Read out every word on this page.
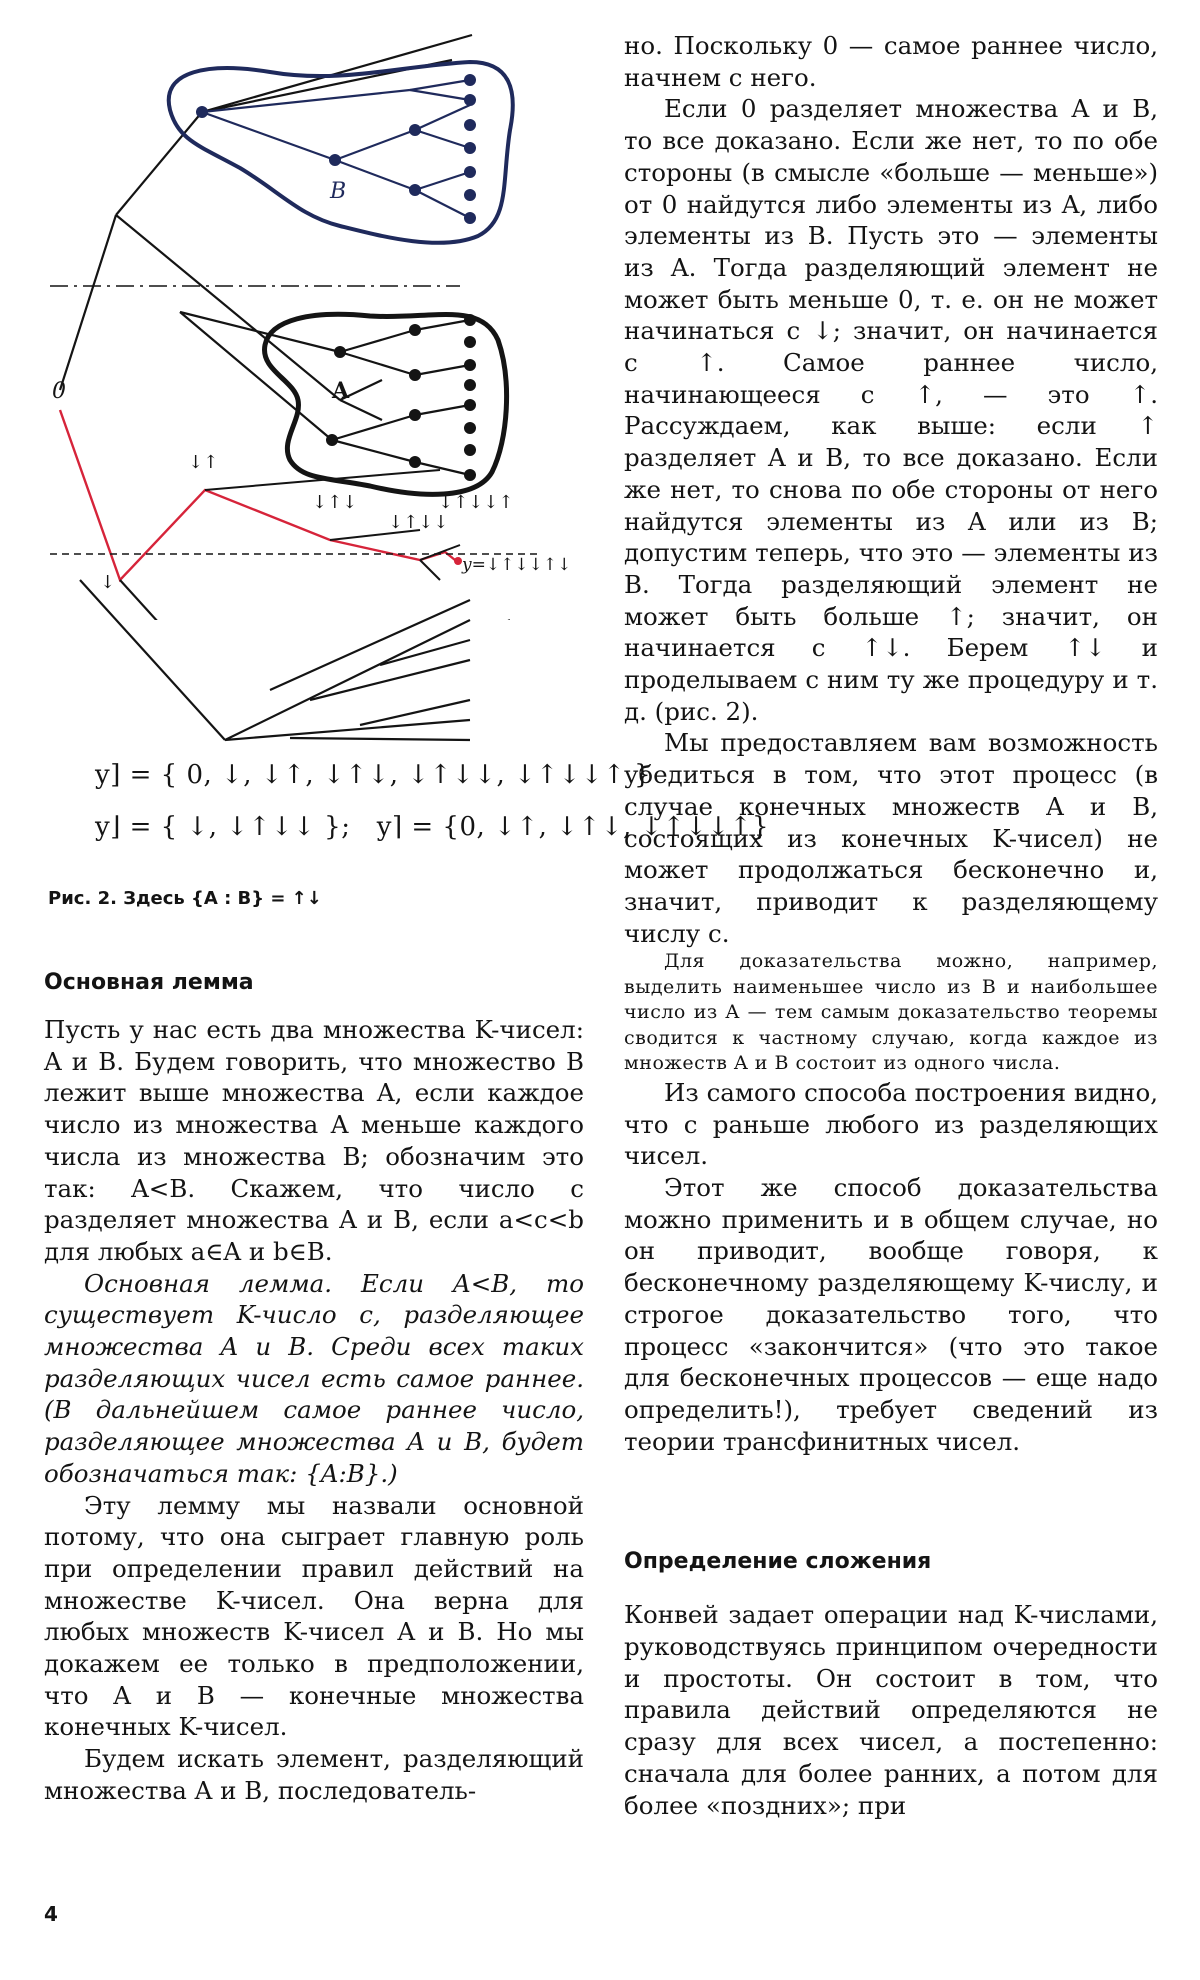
B
A
0
↓↑
↓↑↓
↓↑↓↓
↓↑↓↓↑
↓
y=↓↑↓↓↑↓
y] = { 0, ↓, ↓↑, ↓↑↓, ↓↑↓↓, ↓↑↓↓↑ }
y⌋ = { ↓, ↓↑↓↓ }; y⌉ = {0, ↓↑, ↓↑↓, ↓↑↓↓↑}
Рис. 2. Здесь {A : B} = ↑↓

Основная лемма

Пусть у нас есть два множества K-чисел: A и B. Будем говорить, что множество B лежит выше множества A, если каждое число из множества A меньше каждого числа из множества B; обозначим это так: A<B. Скажем, что число c разделяет множества A и B, если a<c<b для любых a∈A и b∈B.

Основная лемма. Если A<B, то существует K-число c, разделяющее множества A и B. Среди всех таких разделяющих чисел есть самое раннее. (В дальнейшем самое раннее число, разделяющее множества A и B, будет обозначаться так: {A:B}.)

Эту лемму мы назвали основной потому, что она сыграет главную роль при определении правил действий на множестве K-чисел. Она верна для любых множеств K-чисел A и B. Но мы докажем ее только в предположении, что A и B — конечные множества конечных K-чисел.

Будем искать элемент, разделяющий множества A и B, последователь-

но. Поскольку 0 — самое раннее число, начнем с него.

Если 0 разделяет множества A и B, то все доказано. Если же нет, то по обе стороны (в смысле «больше — меньше») от 0 найдутся либо элементы из A, либо элементы из B. Пусть это — элементы из A. Тогда разделяющий элемент не может быть меньше 0, т. е. он не может начинаться с ↓; значит, он начинается с ↑. Самое раннее число, начинающееся с ↑, — это ↑. Рассуждаем, как выше: если ↑ разделяет A и B, то все доказано. Если же нет, то снова по обе стороны от него найдутся элементы из A или из B; допустим теперь, что это — элементы из B. Тогда разделяющий элемент не может быть больше ↑; значит, он начинается с ↑↓. Берем ↑↓ и проделываем с ним ту же процедуру и т. д. (рис. 2).

Мы предоставляем вам возможность убедиться в том, что этот процесс (в случае конечных множеств A и B, состоящих из конечных K-чисел) не может продолжаться бесконечно и, значит, приводит к разделяющему числу c.

Для доказательства можно, например, выделить наименьшее число из B и наибольшее число из A — тем самым доказательство теоремы сводится к частному случаю, когда каждое из множеств A и B состоит из одного числа.

Из самого способа построения видно, что c раньше любого из разделяющих чисел.

Этот же способ доказательства можно применить и в общем случае, но он приводит, вообще говоря, к бесконечному разделяющему K-числу, и строгое доказательство того, что процесс «закончится» (что это такое для бесконечных процессов — еще надо определить!), требует сведений из теории трансфинитных чисел.

Определение сложения

Конвей задает операции над K-числами, руководствуясь принципом очередности и простоты. Он состоит в том, что правила действий определяются не сразу для всех чисел, а постепенно: сначала для более ранних, а потом для более «поздних»; при

4
